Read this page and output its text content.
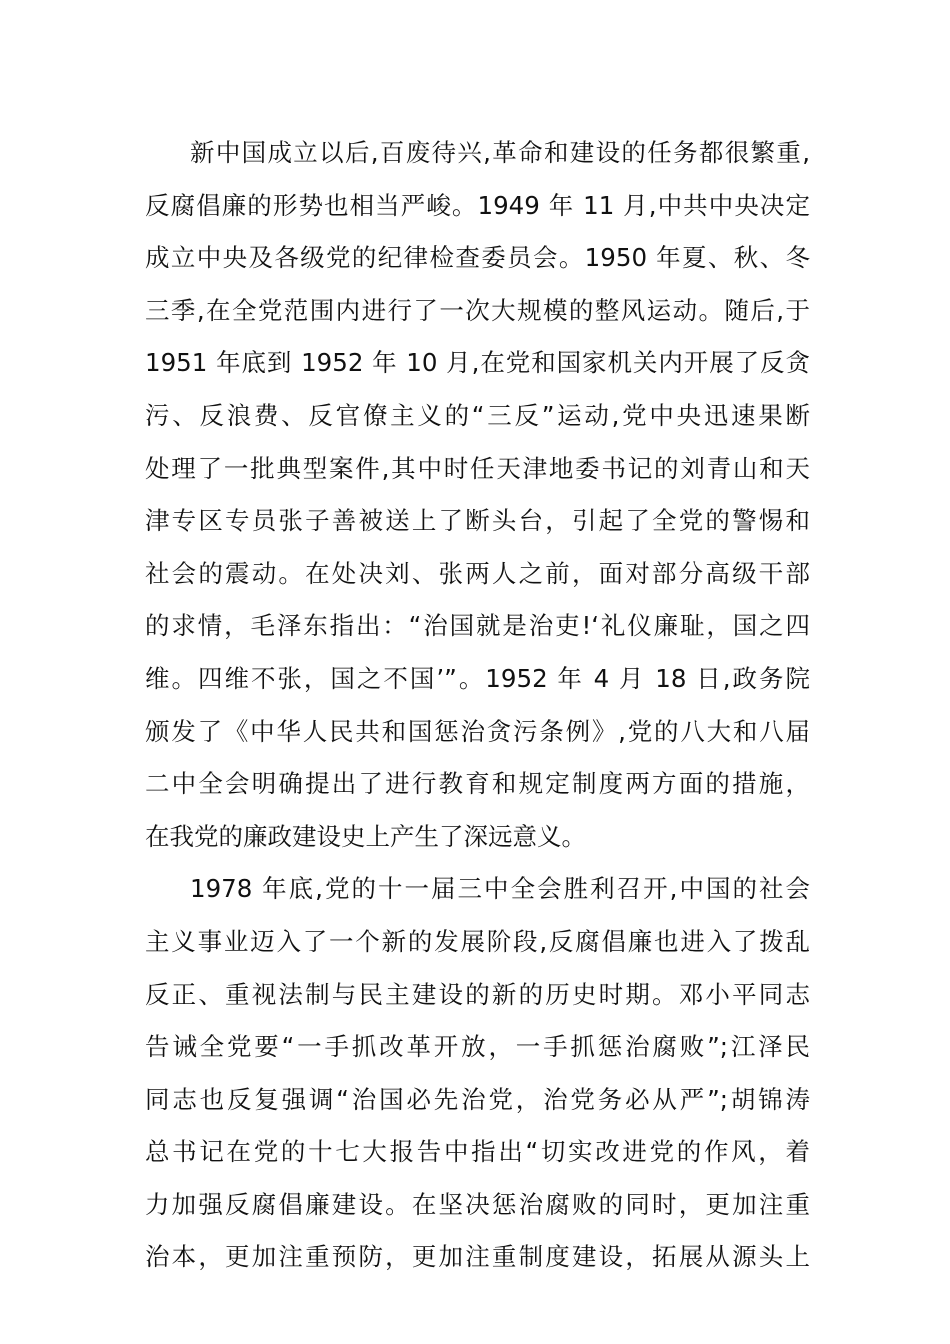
新中国成立以后,百废待兴,革命和建设的任务都很繁重,
反腐倡廉的形势也相当严峻。1949 年 11 月,中共中央决定
成立中央及各级党的纪律检查委员会。1950 年夏、秋、冬
三季,在全党范围内进行了一次大规模的整风运动。随后,于
1951 年底到 1952 年 10 月,在党和国家机关内开展了反贪
污、反浪费、反官僚主义的“三反”运动,党中央迅速果断
处理了一批典型案件,其中时任天津地委书记的刘青山和天
津专区专员张子善被送上了断头台，引起了全党的警惕和
社会的震动。在处决刘、张两人之前，面对部分高级干部
的求情，毛泽东指出：“治国就是治吏!‘礼仪廉耻，国之四
维。四维不张，国之不国’”。1952 年 4 月 18 日,政务院
颁发了《中华人民共和国惩治贪污条例》,党的八大和八届
二中全会明确提出了进行教育和规定制度两方面的措施，
在我党的廉政建设史上产生了深远意义。
1978 年底,党的十一届三中全会胜利召开,中国的社会
主义事业迈入了一个新的发展阶段,反腐倡廉也进入了拨乱
反正、重视法制与民主建设的新的历史时期。邓小平同志
告诫全党要“一手抓改革开放，一手抓惩治腐败”;江泽民
同志也反复强调“治国必先治党，治党务必从严”;胡锦涛
总书记在党的十七大报告中指出“切实改进党的作风，着
力加强反腐倡廉建设。在坚决惩治腐败的同时，更加注重
治本，更加注重预防，更加注重制度建设，拓展从源头上
